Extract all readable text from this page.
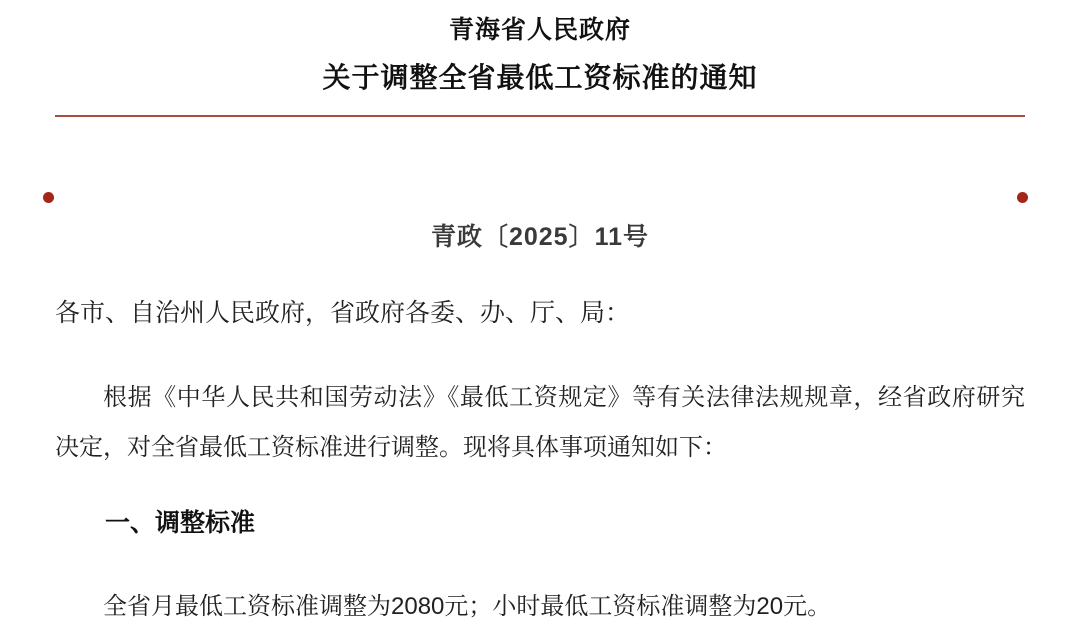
青海省人民政府
关于调整全省最低工资标准的通知
青政〔2025〕11号
各市、自治州人民政府，省政府各委、办、厅、局：
根据《中华人民共和国劳动法》《最低工资规定》等有关法律法规规章，经省政府研究决定，对全省最低工资标准进行调整。现将具体事项通知如下：
一、调整标准
全省月最低工资标准调整为2080元；小时最低工资标准调整为20元。
